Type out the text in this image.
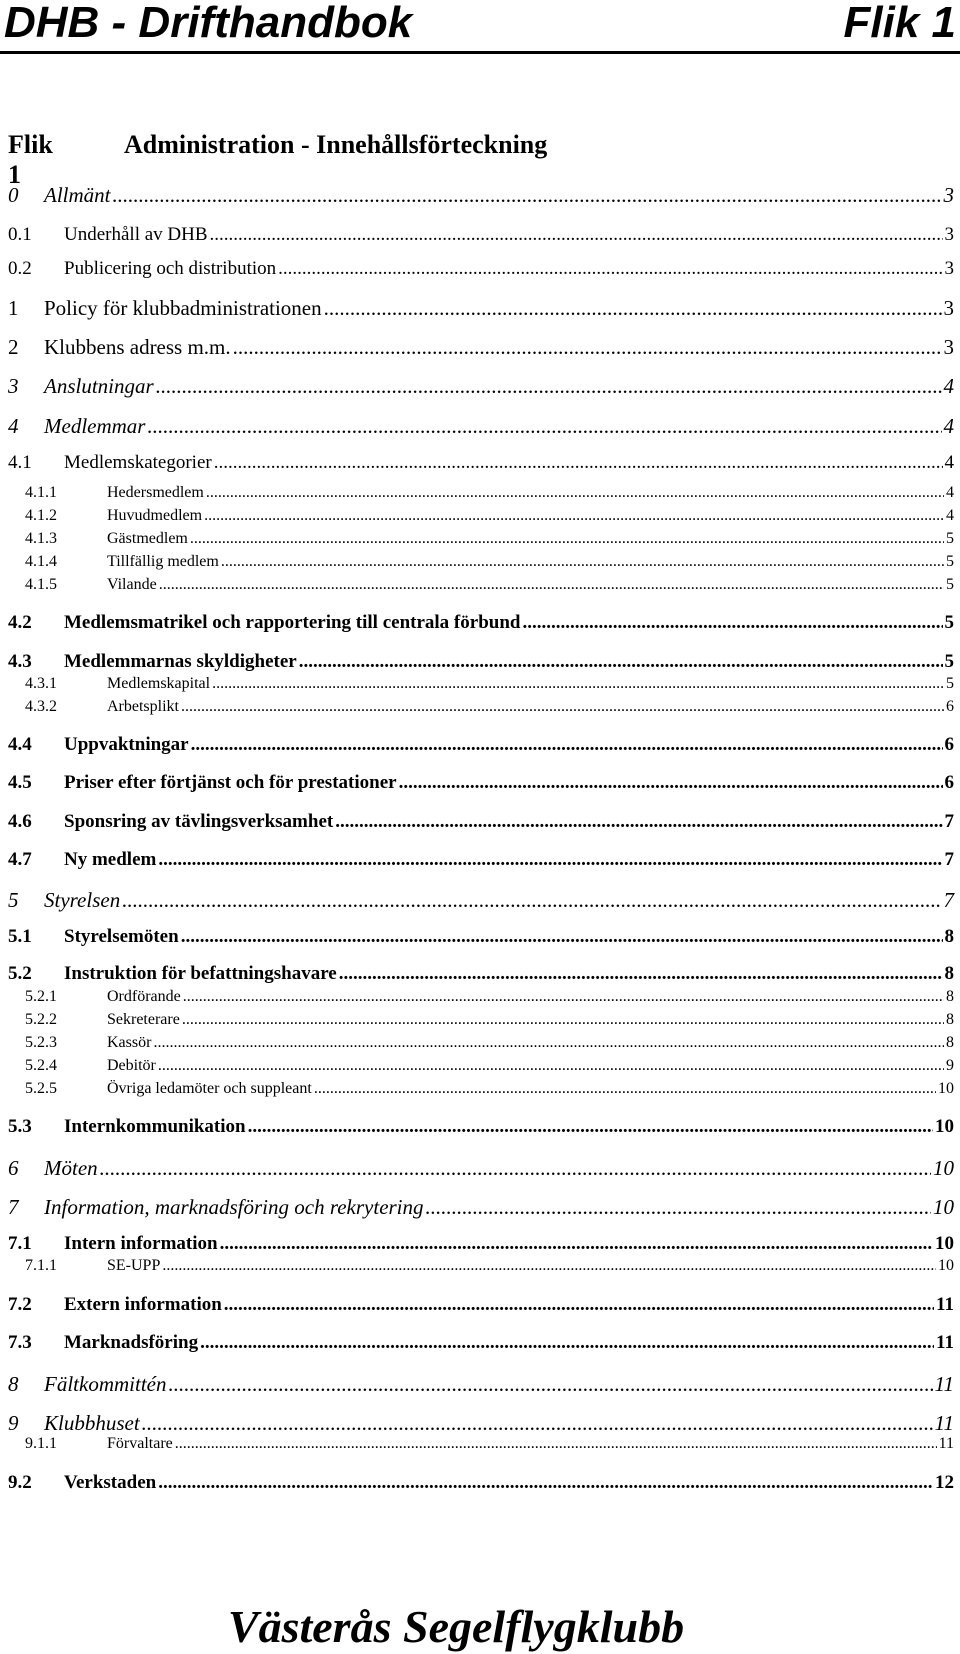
DHB - Drifthandbok	Flik 1
Flik 1
Administration - Innehållsförteckning
0	Allmänt .....	3
0.1	Underhåll av DHB .....	3
0.2	Publicering och distribution .....	3
1	Policy för klubbadministrationen .....	3
2	Klubbens adress m.m. .....	3
3	Anslutningar .....	4
4	Medlemmar .....	4
4.1	Medlemskategorier .....	4
4.1.1	Hedersmedlem .....	4
4.1.2	Huvudmedlem .....	4
4.1.3	Gästmedlem .....	5
4.1.4	Tillfällig medlem .....	5
4.1.5	Vilande .....	5
4.2	Medlemsmatrikel och rapportering till centrala förbund .....	5
4.3	Medlemmarnas skyldigheter .....	5
4.3.1	Medlemskapital .....	5
4.3.2	Arbetsplikt .....	6
4.4	Uppvaktningar .....	6
4.5	Priser efter förtjänst och för prestationer .....	6
4.6	Sponsring av tävlingsverksamhet .....	7
4.7	Ny medlem .....	7
5	Styrelsen .....	7
5.1	Styrelsemöten .....	8
5.2	Instruktion för befattningshavare .....	8
5.2.1	Ordförande .....	8
5.2.2	Sekreterare .....	8
5.2.3	Kassör .....	8
5.2.4	Debitör .....	9
5.2.5	Övriga ledamöter och suppleant .....	10
5.3	Internkommunikation .....	10
6	Möten .....	10
7	Information, marknadsföring och rekrytering .....	10
7.1	Intern information .....	10
7.1.1	SE-UPP .....	10
7.2	Extern information .....	11
7.3	Marknadsföring .....	11
8	Fältkommittén .....	11
9	Klubbhuset .....	11
9.1.1	Förvaltare .....	11
9.2	Verkstaden .....	12
Västerås Segelflygklubb
